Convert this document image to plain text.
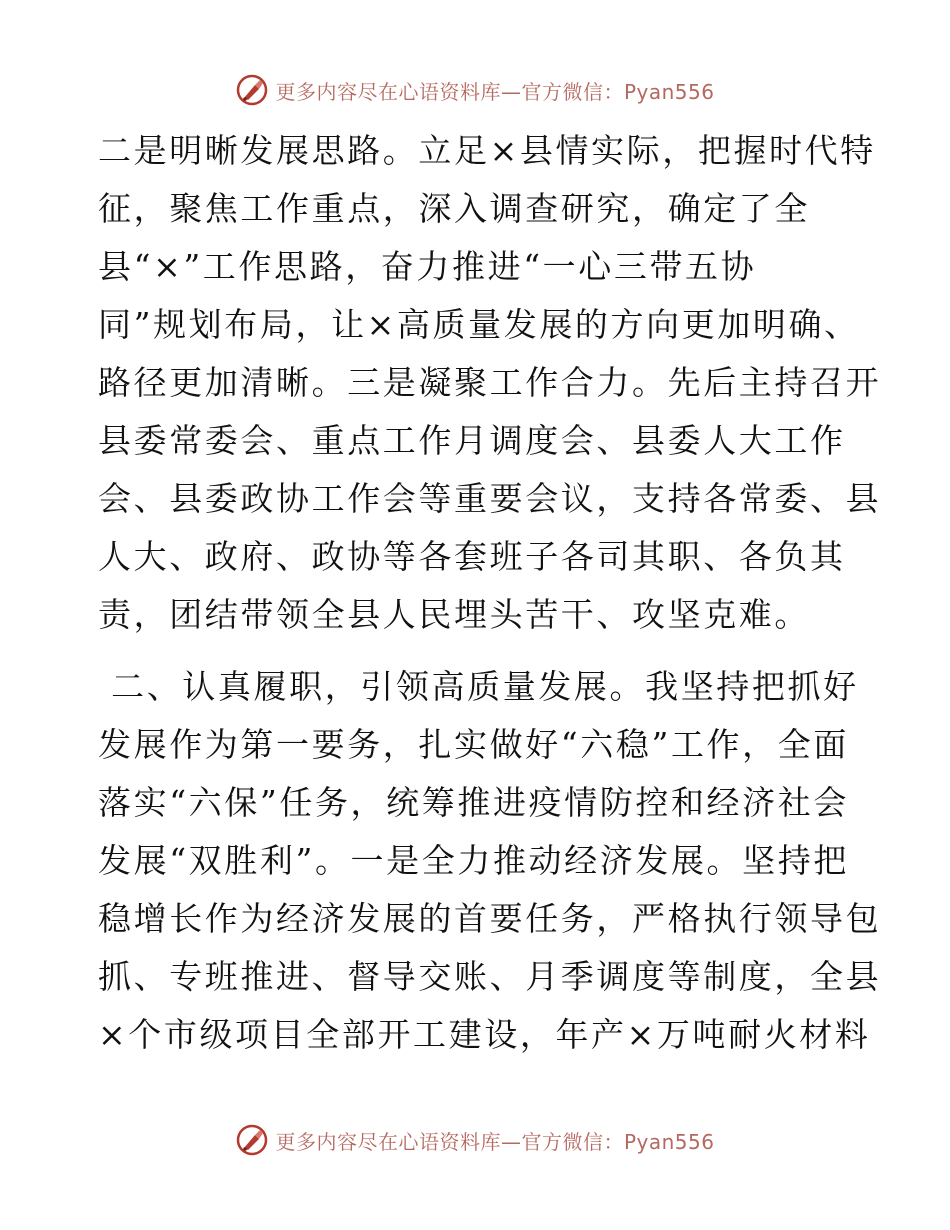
更多内容尽在心语资料库—官方微信：Pyan556
二是明晰发展思路。立足×县情实际，把握时代特
征，聚焦工作重点，深入调查研究，确定了全
县“×”工作思路，奋力推进“一心三带五协
同”规划布局，让×高质量发展的方向更加明确、
路径更加清晰。三是凝聚工作合力。先后主持召开
县委常委会、重点工作月调度会、县委人大工作
会、县委政协工作会等重要会议，支持各常委、县
人大、政府、政协等各套班子各司其职、各负其
责，团结带领全县人民埋头苦干、攻坚克难。
二、认真履职，引领高质量发展。我坚持把抓好
发展作为第一要务，扎实做好“六稳”工作，全面
落实“六保”任务，统筹推进疫情防控和经济社会
发展“双胜利”。一是全力推动经济发展。坚持把
稳增长作为经济发展的首要任务，严格执行领导包
抓、专班推进、督导交账、月季调度等制度，全县
×个市级项目全部开工建设，年产×万吨耐火材料
更多内容尽在心语资料库—官方微信：Pyan556
